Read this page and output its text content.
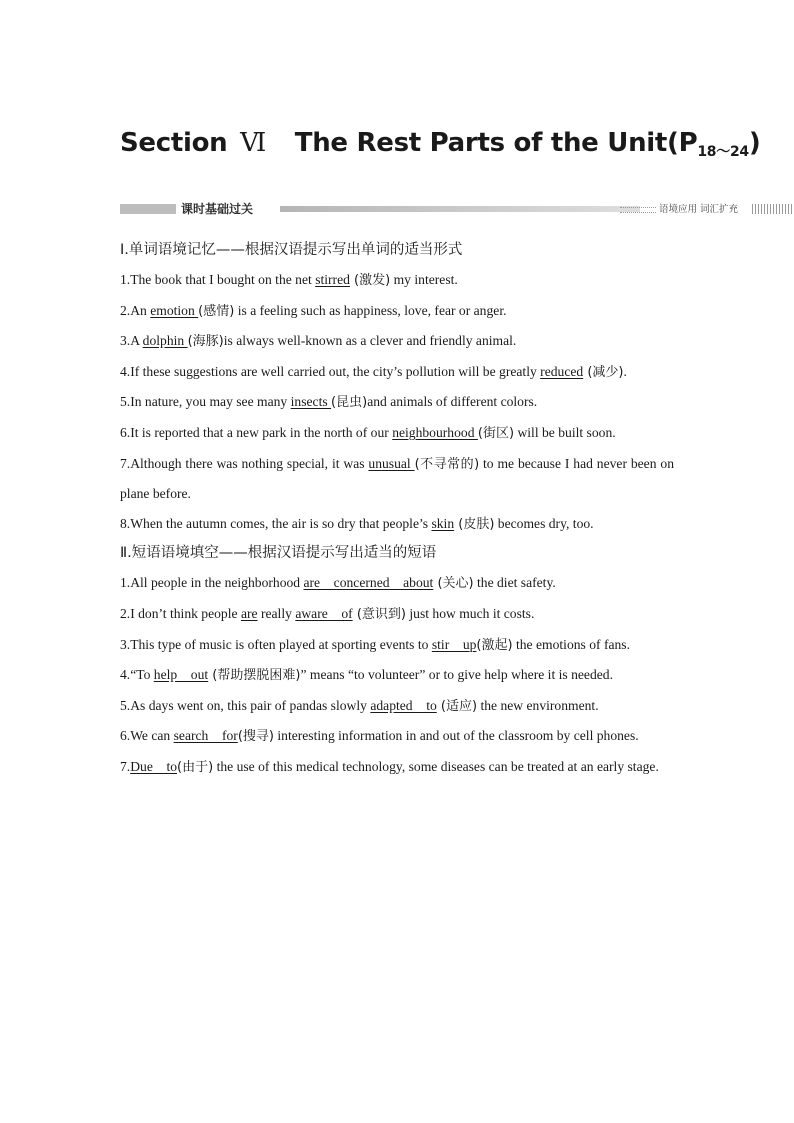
Section Ⅵ The Rest Parts of the $Unit(P_{18\sim 24})$
课时基础过关	语境应用 词汇扩充
Ⅰ.单词语境记忆——根据汉语提示写出单词的适当形式

1.The book that I bought on the net stirred (激发) my interest.

2.An emotion (感情) is a feeling such as happiness, love, fear or anger.

3.A dolphin (海豚)is always well-known as a clever and friendly animal.

4.If these suggestions are well carried out, the city’s pollution will be greatly reduced (减少).

5.In nature, you may see many insects (昆虫)and animals of different colors.

6.It is reported that a new park in the north of our neighbourhood (街区) will be built soon.

7.Although there was nothing special, it was unusual (不寻常的) to me because I had never been on plane before.

8.When the autumn comes, the air is so dry that people’s skin (皮肤) becomes dry, too.

Ⅱ.短语语境填空——根据汉语提示写出适当的短语

1.All people in the neighborhood are    concerned    about (关心) the diet safety.

2.I don’t think people are really aware    of (意识到) just how much it costs.

3.This type of music is often played at sporting events to stir    up(激起) the emotions of fans.

4.“To help    out (帮助摆脱困难)” means “to volunteer” or to give help where it is needed.

5.As days went on, this pair of pandas slowly adapted    to (适应) the new environment.

6.We can search    for(搜寻) interesting information in and out of the classroom by cell phones.

7.Due    to(由于) the use of this medical technology, some diseases can be treated at an early stage.
